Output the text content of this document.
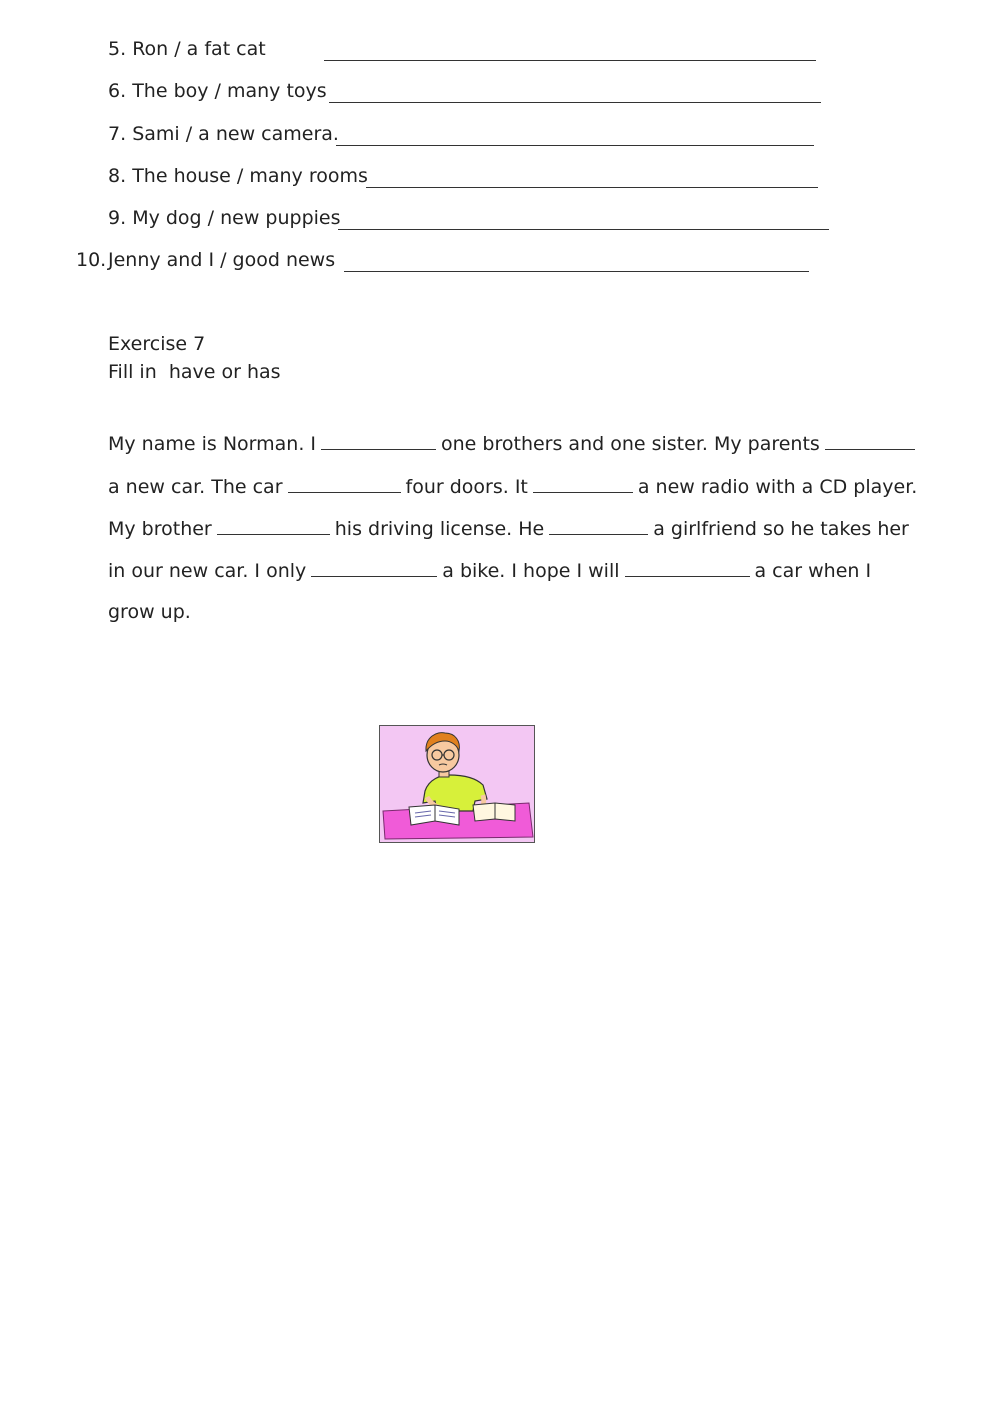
5. Ron / a fat cat
6. The boy / many toys
7. Sami / a new camera.
8. The house / many rooms
9. My dog / new puppies
10. Jenny and I / good news
Exercise 7
Fill in  have or has
My name is Norman. I	one brothers and one sister. My parents
a new car. The car	four doors. It	a new radio with a CD player.
My brother	his driving license. He	a girlfriend so he takes her
in our new car. I only	a bike. I hope I will	a car when I
grow up.
